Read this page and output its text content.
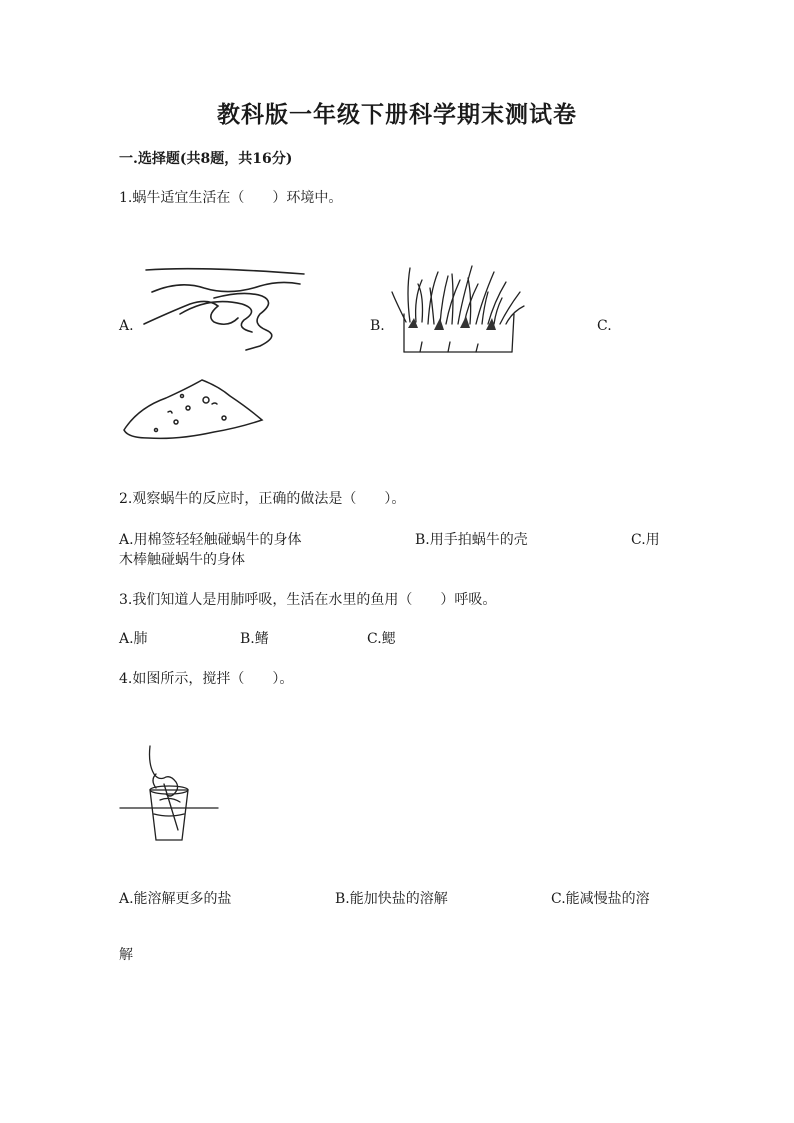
教科版一年级下册科学期末测试卷
一.选择题(共8题，共16分)
1.蜗牛适宜生活在（　　）环境中。
A.	B.	C.
2.观察蜗牛的反应时，正确的做法是（　　）。
A.用棉签轻轻触碰蜗牛的身体	B.用手拍蜗牛的壳	C.用
木棒触碰蜗牛的身体
3.我们知道人是用肺呼吸，生活在水里的鱼用（　　）呼吸。
A.肺	B.鳍	C.鳃
4.如图所示，搅拌（　　）。
A.能溶解更多的盐	B.能加快盐的溶解	C.能减慢盐的溶
解
